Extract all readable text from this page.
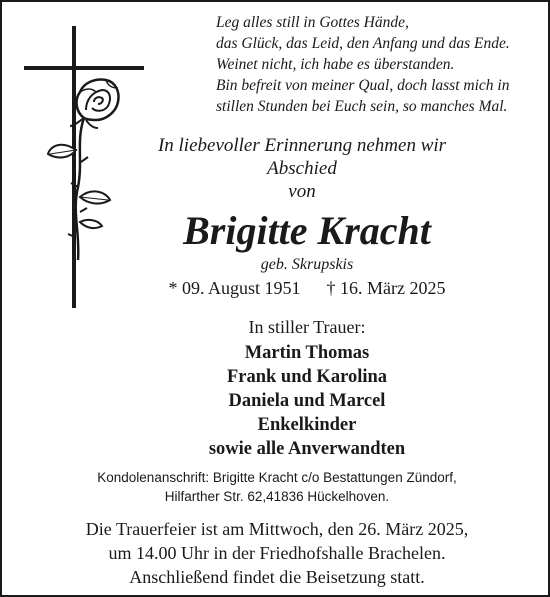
Leg alles still in Gottes Hände,
das Glück, das Leid, den Anfang und das Ende.
Weinet nicht, ich habe es überstanden.
Bin befreit von meiner Qual, doch lasst mich in
stillen Stunden bei Euch sein, so manches Mal.
In liebevoller Erinnerung nehmen wir
Abschied
von
Brigitte Kracht
geb. Skrupskis
* 09. August 1951 † 16. März 2025
In stiller Trauer:
Martin Thomas
Frank und Karolina
Daniela und Marcel
Enkelkinder
sowie alle Anverwandten
Kondolenanschrift: Brigitte Kracht c/o Bestattungen Zündorf,
Hilfarther Str. 62,41836 Hückelhoven.
Die Trauerfeier ist am Mittwoch, den 26. März 2025,
um 14.00 Uhr in der Friedhofshalle Brachelen.
Anschließend findet die Beisetzung statt.
